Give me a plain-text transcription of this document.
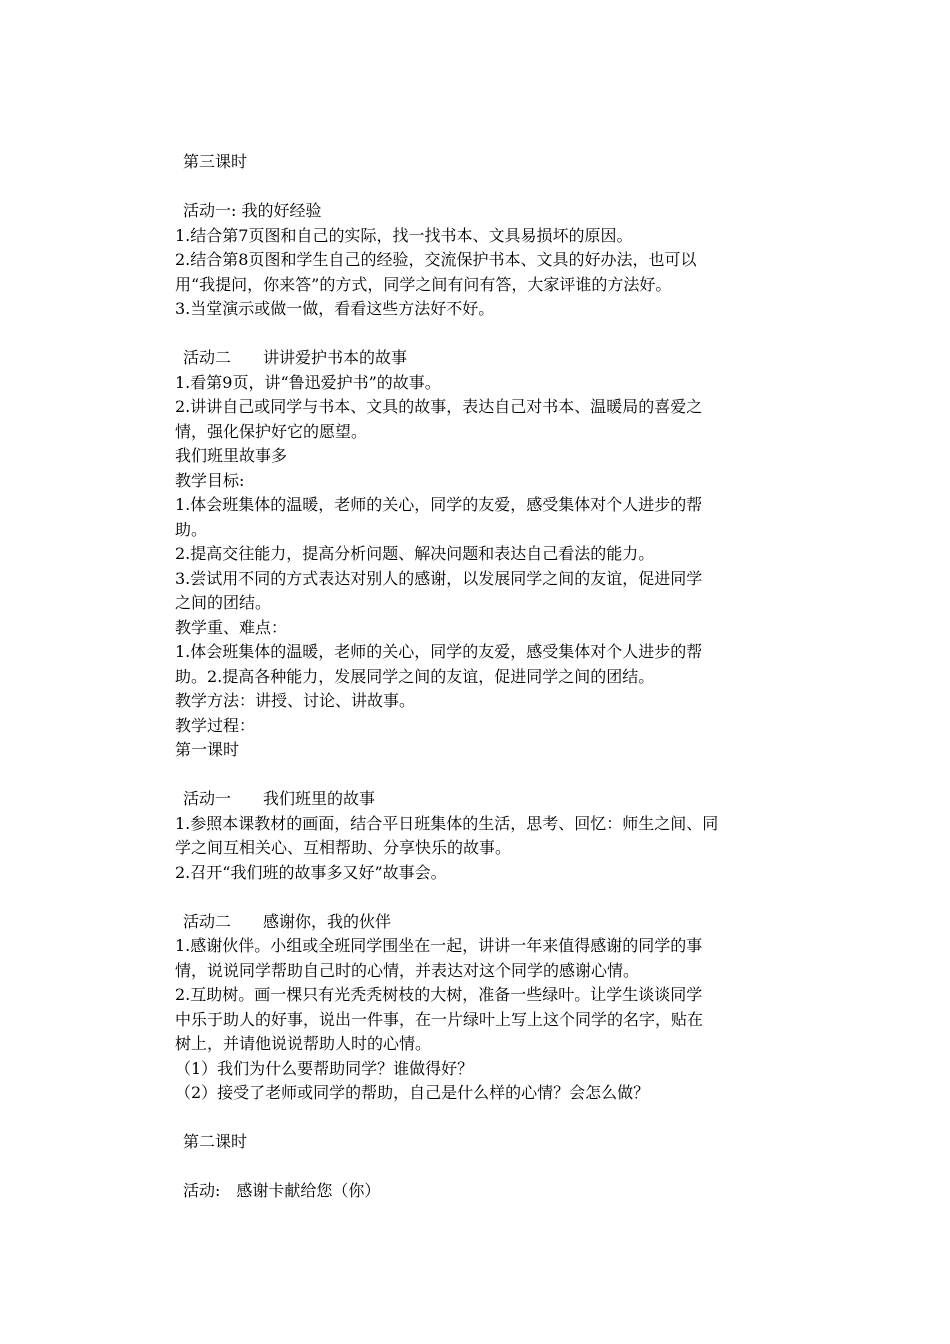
第三课时

活动一: 我的好经验

1.结合第7页图和自己的实际，找一找书本、文具易损坏的原因。

2.结合第8页图和学生自己的经验，交流保护书本、文具的好办法，也可以

用“我提问，你来答”的方式，同学之间有问有答，大家评谁的方法好。

3.当堂演示或做一做，看看这些方法好不好。

活动二　　讲讲爱护书本的故事

1.看第9页，讲“鲁迅爱护书”的故事。

2.讲讲自己或同学与书本、文具的故事，表达自己对书本、温暖局的喜爱之

情，强化保护好它的愿望。

我们班里故事多

教学目标:

1.体会班集体的温暖，老师的关心，同学的友爱，感受集体对个人进步的帮

助。

2.提高交往能力，提高分析问题、解决问题和表达自己看法的能力。

3.尝试用不同的方式表达对别人的感谢，以发展同学之间的友谊，促进同学

之间的团结。

教学重、难点：

1.体会班集体的温暖，老师的关心，同学的友爱，感受集体对个人进步的帮

助。2.提高各种能力，发展同学之间的友谊，促进同学之间的团结。

教学方法：讲授、讨论、讲故事。

教学过程：

第一课时

活动一　　我们班里的故事

1.参照本课教材的画面，结合平日班集体的生活，思考、回忆：师生之间、同

学之间互相关心、互相帮助、分享快乐的故事。

2.召开“我们班的故事多又好”故事会。

活动二　　感谢你，我的伙伴

1.感谢伙伴。小组或全班同学围坐在一起，讲讲一年来值得感谢的同学的事

情，说说同学帮助自己时的心情，并表达对这个同学的感谢心情。

2.互助树。画一棵只有光秃秃树枝的大树，准备一些绿叶。让学生谈谈同学

中乐于助人的好事，说出一件事，在一片绿叶上写上这个同学的名字，贴在

树上，并请他说说帮助人时的心情。

（1）我们为什么要帮助同学？谁做得好？

（2）接受了老师或同学的帮助，自己是什么样的心情？会怎么做？

第二课时

活动:　感谢卡献给您（你）
